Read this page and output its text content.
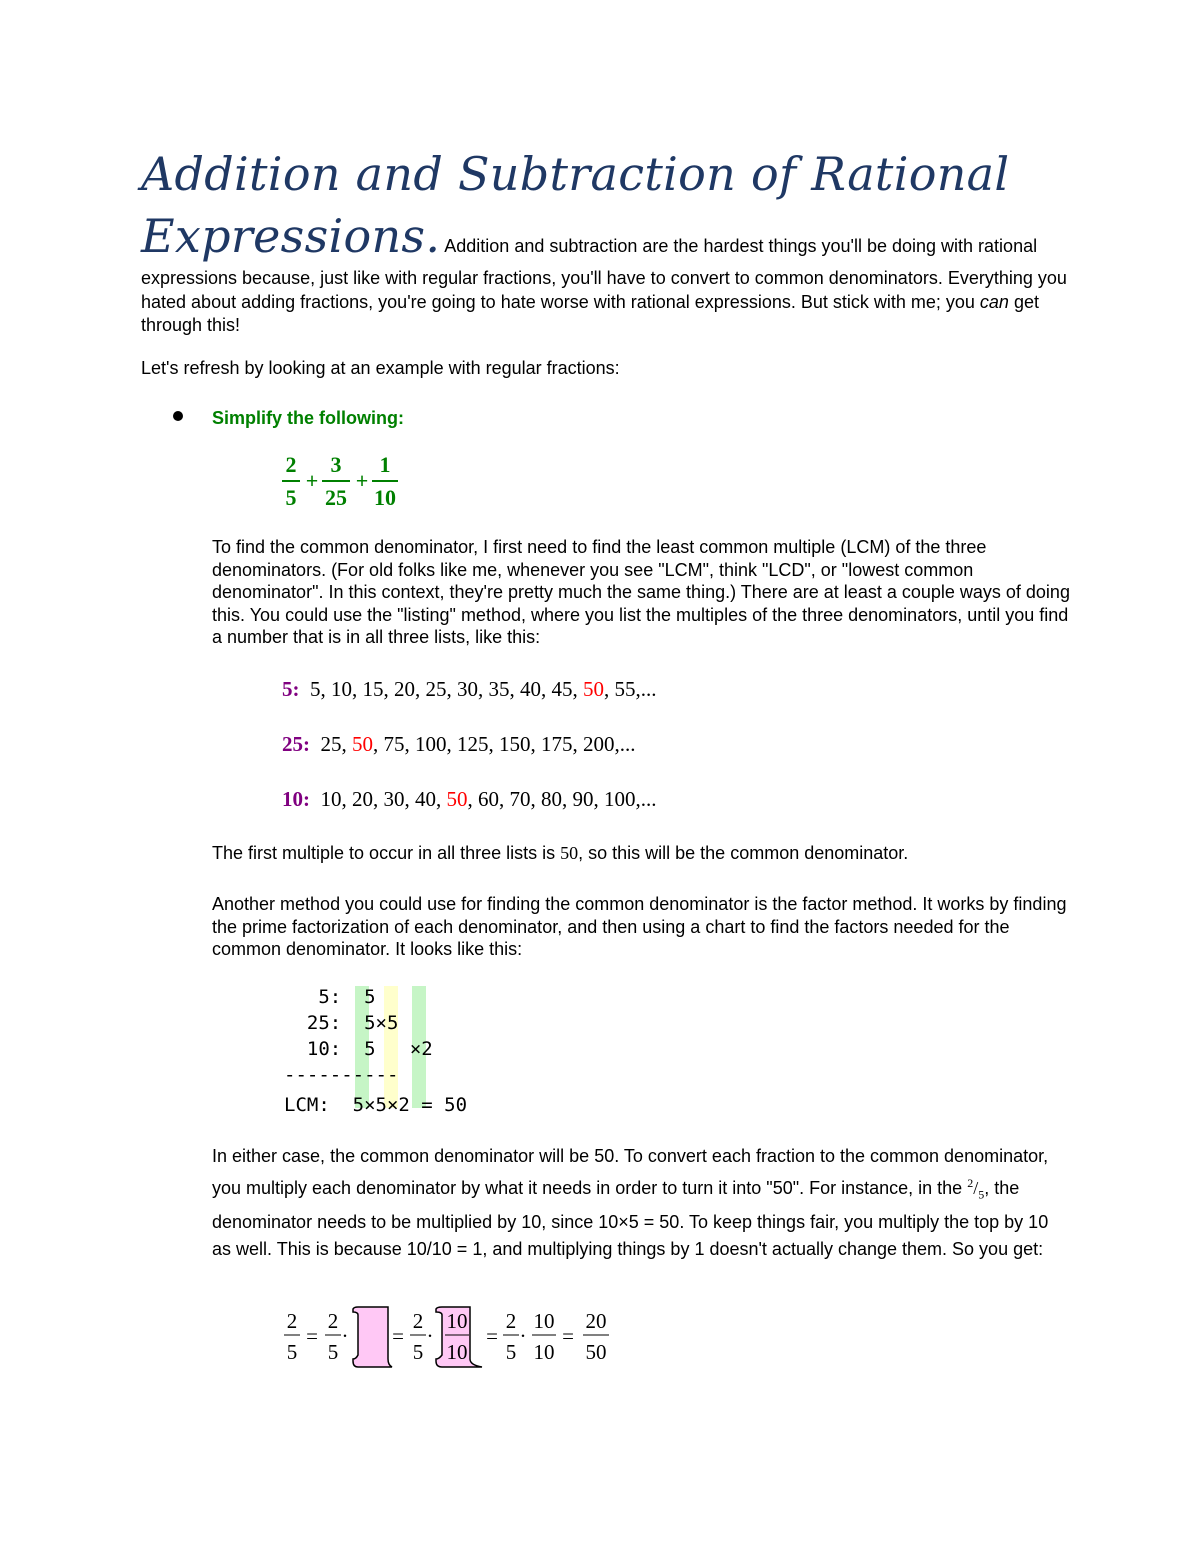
Addition and Subtraction of Rational
Expressions. Addition and subtraction are the hardest things you'll be doing with rational expressions because, just like with regular fractions, you'll have to convert to common denominators. Everything you hated about adding fractions, you're going to hate worse with rational expressions. But stick with me; you can get through this!

Let's refresh by looking at an example with regular fractions:

Simplify the following:

2
5
+
3
25
+
1
10

To find the common denominator, I first need to find the least common multiple (LCM) of the three denominators. (For old folks like me, whenever you see "LCM", think "LCD", or "lowest common denominator". In this context, they're pretty much the same thing.) There are at least a couple ways of doing this. You could use the "listing" method, where you list the multiples of the three denominators, until you find a number that is in all three lists, like this:

5: 5, 10, 15, 20, 25, 30, 35, 40, 45, 50, 55,...
25: 25, 50, 75, 100, 125, 150, 175, 200,...
10: 10, 20, 30, 40, 50, 60, 70, 80, 90, 100,...

The first multiple to occur in all three lists is 50, so this will be the common denominator.

Another method you could use for finding the common denominator is the factor method. It works by finding the prime factorization of each denominator, and then using a chart to find the factors needed for the common denominator. It looks like this:

5:  5
25:  5×5
10:  5   ×2
----------
LCM:  5×5×2 = 50

In either case, the common denominator will be 50. To convert each fraction to the common denominator, you multiply each denominator by what it needs in order to turn it into "50". For instance, in the $^2/_5$, the denominator needs to be multiplied by 10, since 10×5 = 50. To keep things fair, you multiply the top by 10 as well. This is because 10/10 = 1, and multiplying things by 1 doesn't actually change them. So you get:

2
5
=
2
5
·	1 =
2
5
·
10
10
=
2
5
·
10
10
=
20
50
